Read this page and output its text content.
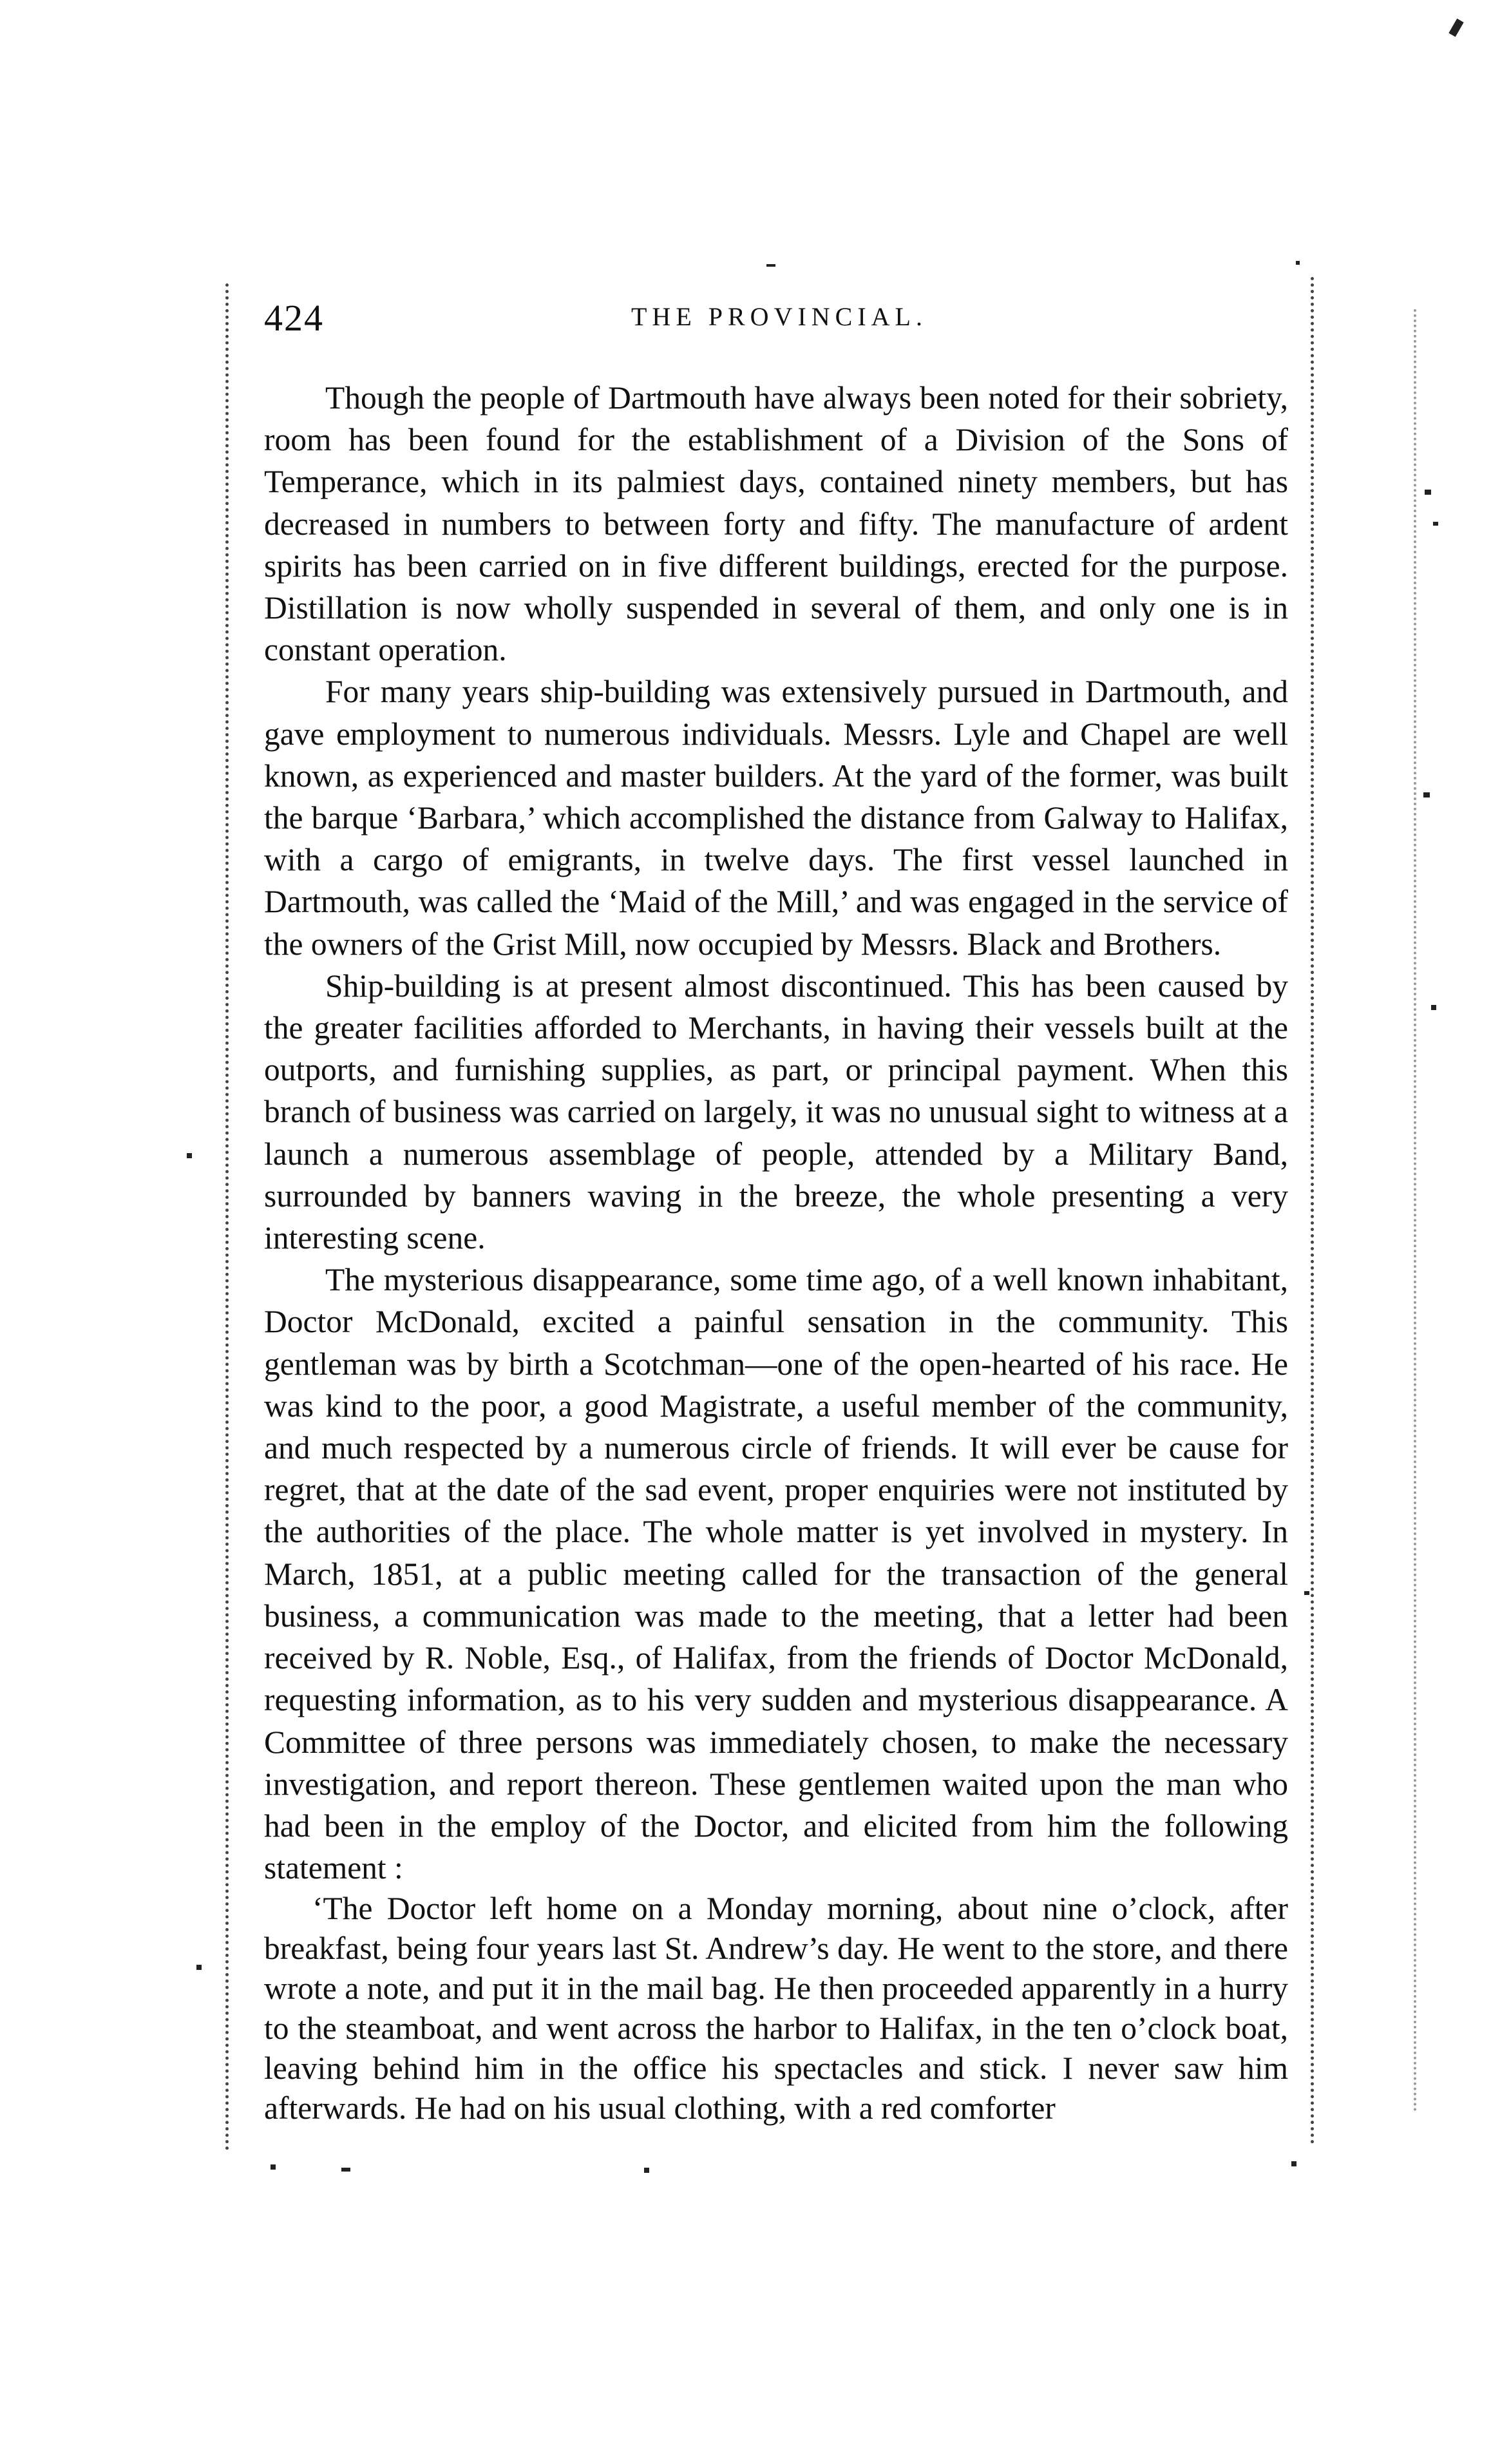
424	THE PROVINCIAL.

Though the people of Dartmouth have always been noted for their sobriety, room has been found for the establishment of a Division of the Sons of Temperance, which in its palmiest days, contained ninety members, but has decreased in numbers to between forty and fifty. The manufacture of ardent spirits has been carried on in five different buildings, erected for the purpose. Distillation is now wholly suspended in several of them, and only one is in constant operation.

For many years ship-building was extensively pursued in Dartmouth, and gave employment to numerous individuals. Messrs. Lyle and Chapel are well known, as experienced and master builders. At the yard of the former, was built the barque ‘Barbara,’ which accomplished the distance from Galway to Halifax, with a cargo of emigrants, in twelve days. The first vessel launched in Dartmouth, was called the ‘Maid of the Mill,’ and was engaged in the service of the owners of the Grist Mill, now occupied by Messrs. Black and Brothers.

Ship-building is at present almost discontinued. This has been caused by the greater facilities afforded to Merchants, in having their vessels built at the outports, and furnishing supplies, as part, or principal payment. When this branch of business was carried on largely, it was no unusual sight to witness at a launch a numerous assemblage of people, attended by a Military Band, surrounded by banners waving in the breeze, the whole presenting a very interesting scene.

The mysterious disappearance, some time ago, of a well known inhabitant, Doctor McDonald, excited a painful sensation in the community. This gentleman was by birth a Scotchman—one of the open-hearted of his race. He was kind to the poor, a good Magistrate, a useful member of the community, and much respected by a numerous circle of friends. It will ever be cause for regret, that at the date of the sad event, proper enquiries were not instituted by the authorities of the place. The whole matter is yet involved in mystery. In March, 1851, at a public meeting called for the transaction of the general business, a communication was made to the meeting, that a letter had been received by R. Noble, Esq., of Halifax, from the friends of Doctor McDonald, requesting information, as to his very sudden and mysterious disappearance. A Committee of three persons was immediately chosen, to make the necessary investigation, and report thereon. These gentlemen waited upon the man who had been in the employ of the Doctor, and elicited from him the following statement :

‘The Doctor left home on a Monday morning, about nine o’clock, after breakfast, being four years last St. Andrew’s day. He went to the store, and there wrote a note, and put it in the mail bag. He then proceeded apparently in a hurry to the steamboat, and went across the harbor to Halifax, in the ten o’clock boat, leaving behind him in the office his spectacles and stick. I never saw him afterwards. He had on his usual clothing, with a red comforter
